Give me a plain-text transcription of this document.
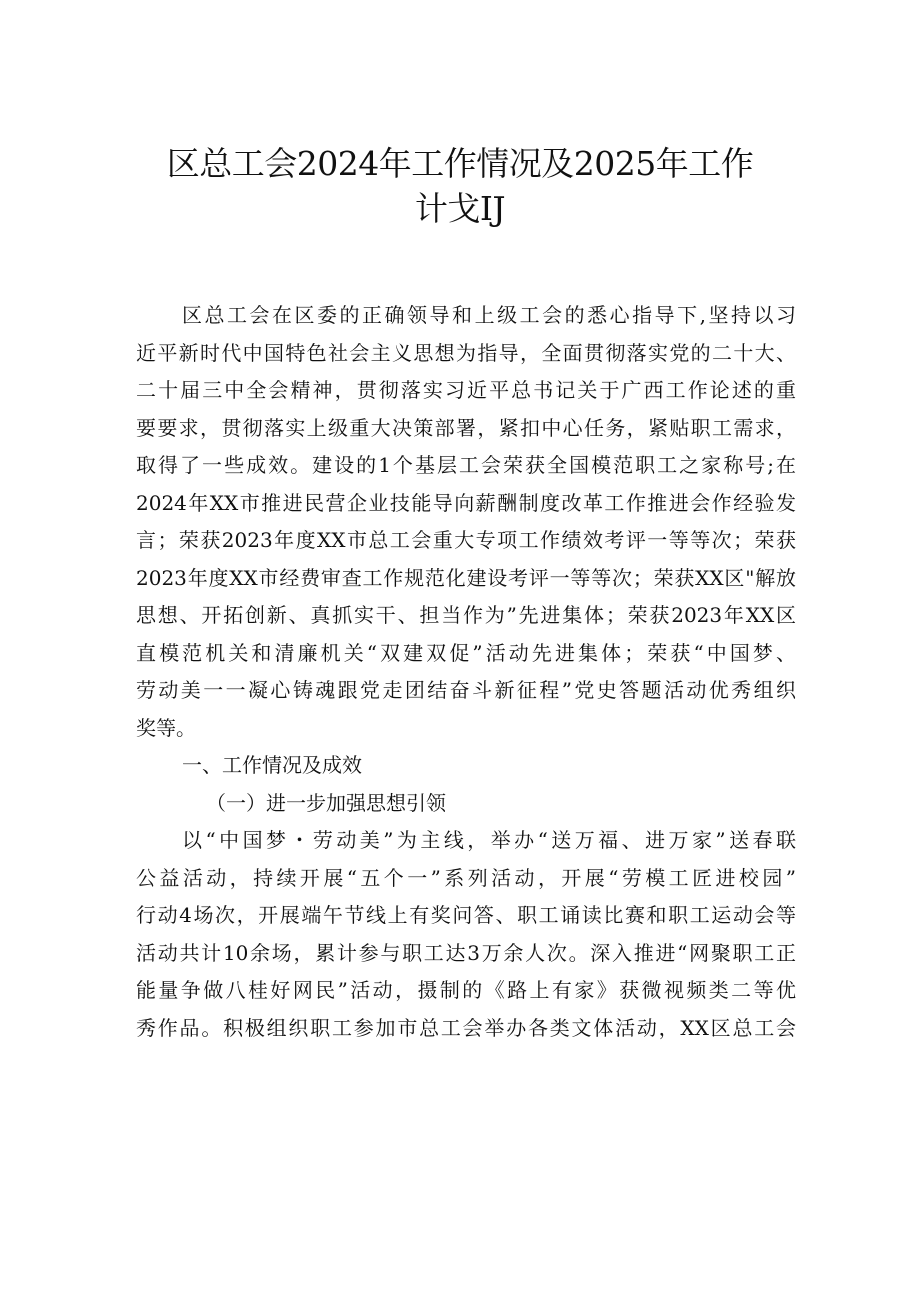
区总工会2024年工作情况及2025年工作
计戈IJ
区总工会在区委的正确领导和上级工会的悉心指导下,坚持以习
近平新时代中国特色社会主义思想为指导，全面贯彻落实党的二十大、
二十届三中全会精神，贯彻落实习近平总书记关于广西工作论述的重
要要求，贯彻落实上级重大决策部署，紧扣中心任务，紧贴职工需求，
取得了一些成效。建设的1个基层工会荣获全国模范职工之家称号;在
2024年XX市推进民营企业技能导向薪酬制度改革工作推进会作经验发
言；荣获2023年度XX市总工会重大专项工作绩效考评一等等次；荣获
2023年度XX市经费审查工作规范化建设考评一等等次；荣获XX区"解放
思想、开拓创新、真抓实干、担当作为”先进集体；荣获2023年XX区
直模范机关和清廉机关“双建双促”活动先进集体；荣获“中国梦、
劳动美一一凝心铸魂跟党走团结奋斗新征程”党史答题活动优秀组织
奖等。
一、工作情况及成效
（一）进一步加强思想引领
以“中国梦・劳动美”为主线，举办“送万福、进万家”送春联
公益活动，持续开展“五个一”系列活动，开展“劳模工匠进校园”
行动4场次，开展端午节线上有奖问答、职工诵读比赛和职工运动会等
活动共计10余场，累计参与职工达3万余人次。深入推进“网聚职工正
能量争做八桂好网民”活动，摄制的《路上有家》获微视频类二等优
秀作品。积极组织职工参加市总工会举办各类文体活动，XX区总工会
